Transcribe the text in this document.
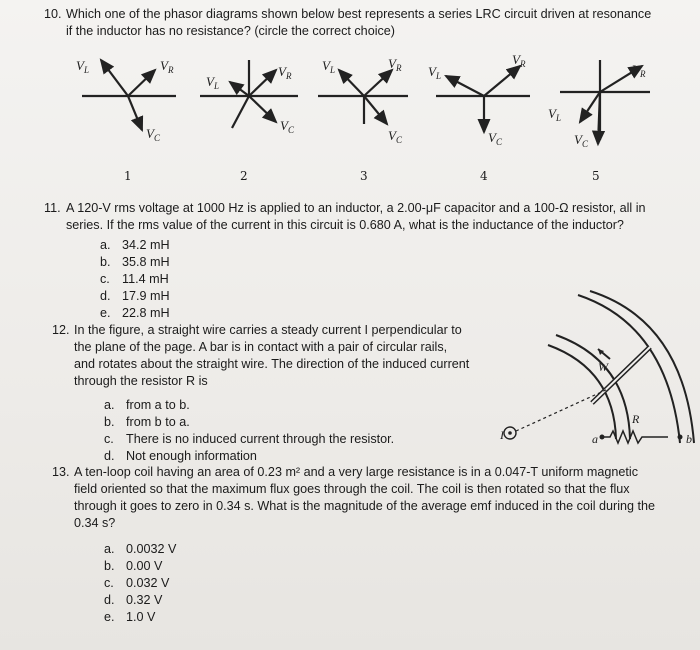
10. Which one of the phasor diagrams shown below best represents a series LRC circuit driven at resonance
if the inductor has no resistance? (circle the correct choice)
$V_L$	$V_R$
$V_C$
$V_L$
$V_R$
$V_C$
$V_L$	$V_R$
$V_C$
$V_L$
$V_R$
$V_C$
$V_R$
$V_L$
$V_C$
1	2	3	4	5
11. A 120-V rms voltage at 1000 Hz is applied to an inductor, a 2.00-μF capacitor and a 100-Ω resistor, all in
series. If the rms value of the current in this circuit is 0.680 A, what is the inductance of the inductor?
a. 34.2 mH
b. 35.8 mH
c. 11.4 mH
d. 17.9 mH
e. 22.8 mH
12. In the figure, a straight wire carries a steady current I perpendicular to
the plane of the page. A bar is in contact with a pair of circular rails,
and rotates about the straight wire. The direction of the induced current
through the resistor R is
a. from a to b.
b. from b to a.
c. There is no induced current through the resistor.
d. Not enough information
I
W
R
a	b
13. A ten-loop coil having an area of 0.23 m² and a very large resistance is in a 0.047-T uniform magnetic
field oriented so that the maximum flux goes through the coil. The coil is then rotated so that the flux
through it goes to zero in 0.34 s. What is the magnitude of the average emf induced in the coil during the
0.34 s?
a. 0.0032 V
b. 0.00 V
c. 0.032 V
d. 0.32 V
e. 1.0 V
